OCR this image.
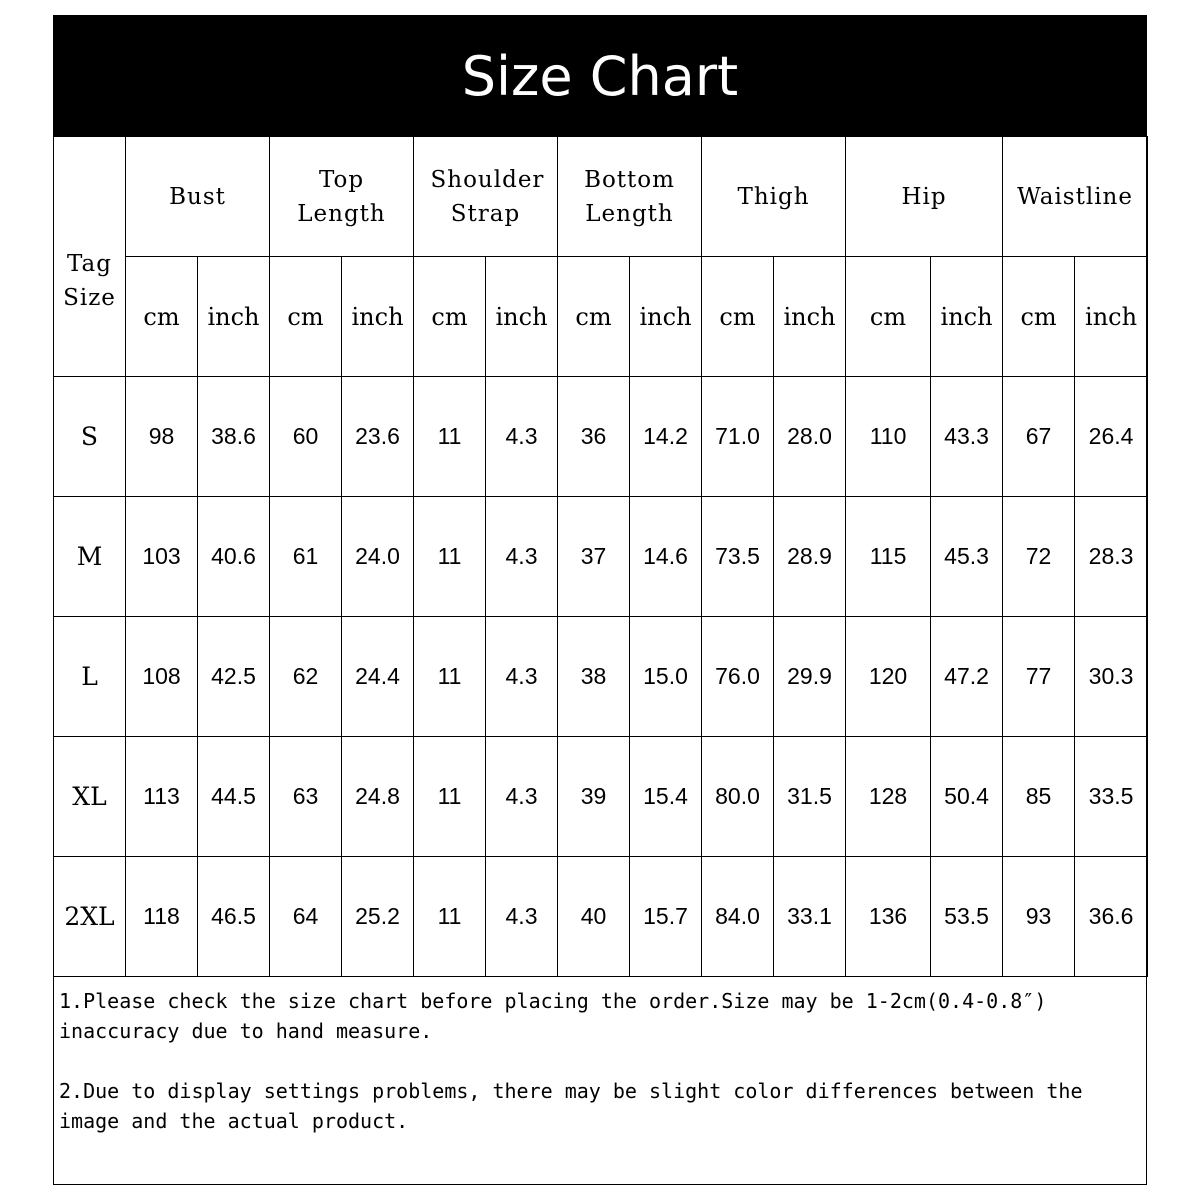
Size Chart
Tag Size	Bust		Top Length		Shoulder Strap		Bottom Length		Thigh		Hip		Waistline	
	cm	inch	cm	inch	cm	inch	cm	inch	cm	inch	cm	inch	cm	inch
S	98	38.6	60	23.6	11	4.3	36	14.2	71.0	28.0	110	43.3	67	26.4
M	103	40.6	61	24.0	11	4.3	37	14.6	73.5	28.9	115	45.3	72	28.3
L	108	42.5	62	24.4	11	4.3	38	15.0	76.0	29.9	120	47.2	77	30.3
XL	113	44.5	63	24.8	11	4.3	39	15.4	80.0	31.5	128	50.4	85	33.5
2XL	118	46.5	64	25.2	11	4.3	40	15.7	84.0	33.1	136	53.5	93	36.6

1.Please check the size chart before placing the order.Size may be 1-2cm(0.4-0.8″) inaccuracy due to hand measure.

2.Due to display settings problems, there may be slight color differences between the image and the actual product.
